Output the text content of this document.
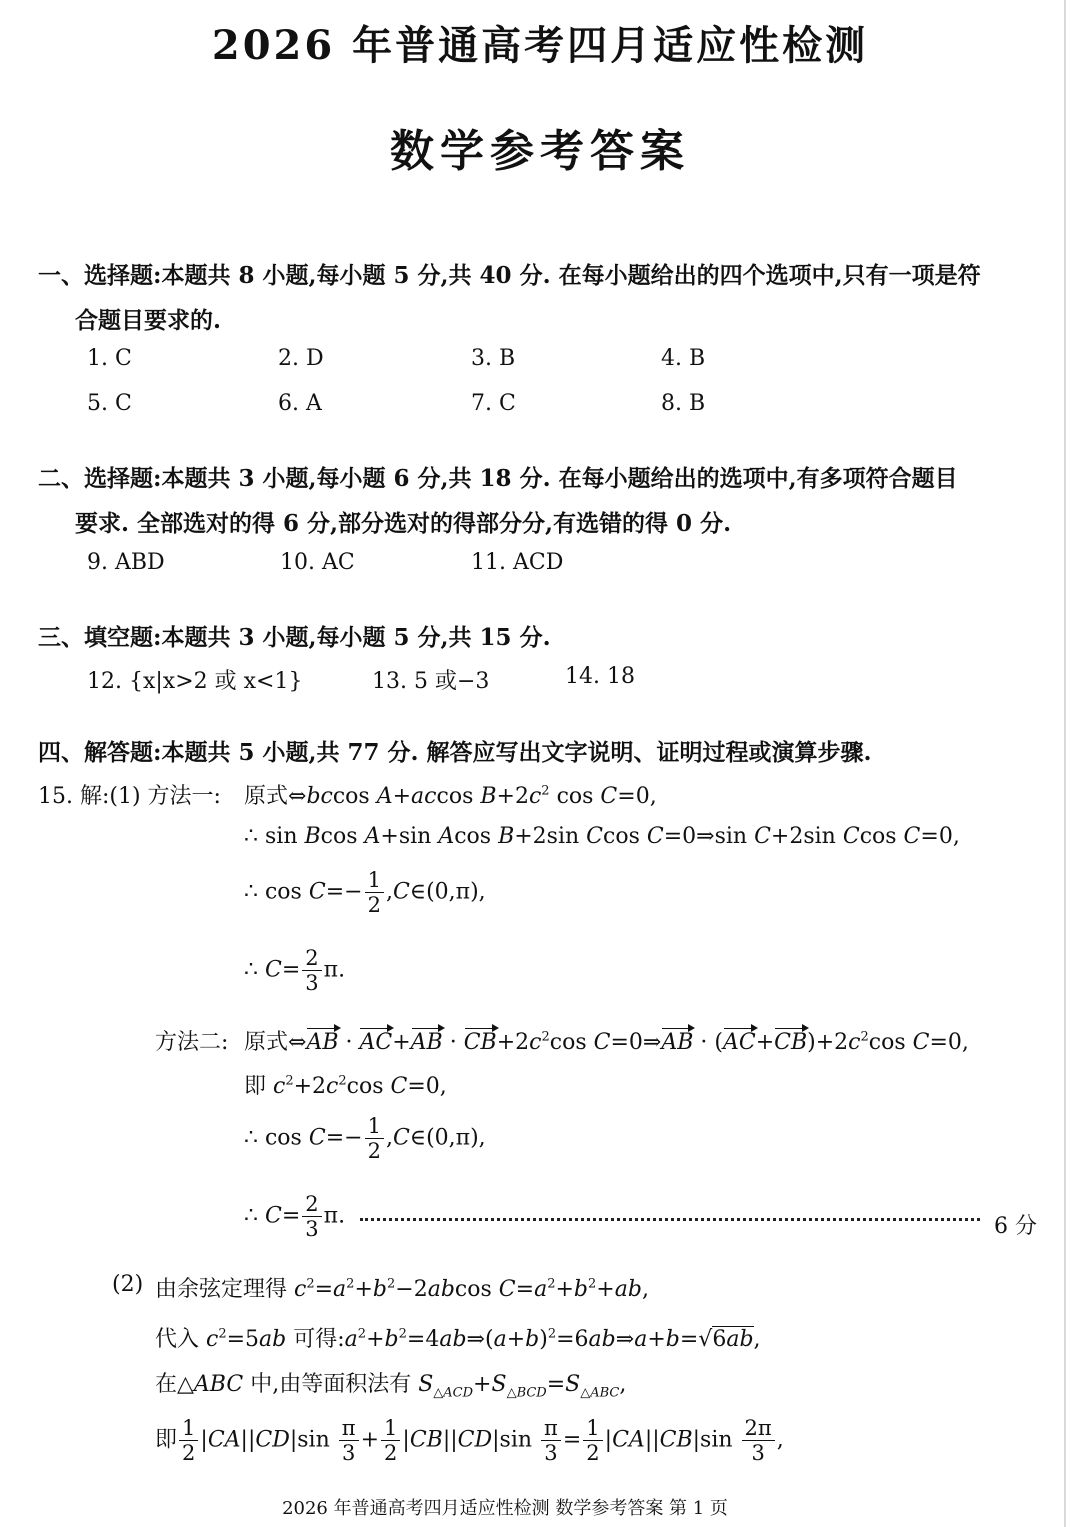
2026 年普通高考四月适应性检测
数学参考答案
一、选择题:本题共 8 小题,每小题 5 分,共 40 分. 在每小题给出的四个选项中,只有一项是符
合题目要求的.
1. C	2. D	3. B	4. B
5. C	6. A	7. C	8. B
二、选择题:本题共 3 小题,每小题 6 分,共 18 分. 在每小题给出的选项中,有多项符合题目
要求. 全部选对的得 6 分,部分选对的得部分分,有选错的得 0 分.
9. ABD	10. AC	11. ACD
三、填空题:本题共 3 小题,每小题 5 分,共 15 分.
12. {x|x>2 或 x<1}	13. 5 或−3	14. 18
四、解答题:本题共 5 小题,共 77 分. 解答应写出文字说明、证明过程或演算步骤.
15. 解:(1) 方法一: 原式⇔bccos A+accos $B+2c^2$ cos C=0,
∴ sin Bcos A+sin Acos B+2sin Ccos C=0⇒sin C+2sin Ccos C=0,
∴ $\cos C=- \frac{1}{2}$ ,C∈(0,π),
∴ $C= \frac{2}{3} \pi$.
方法二: 原式⇔AB · $AC+AB \cdot CB+2c^2\cos$ C=0⇒AB · $(AC+CB)+2c^2\cos$ C=0,
即 $c^2+2c^2\cos$ C=0,
∴ $\cos C=- \frac{1}{2}$ ,C∈(0,π),
∴ $C= \frac{2}{3} \pi$.	6 分
(2) 由余弦定理得 $c^2=a^2+b^2-2abcos$ $C=a^2+b^2+ab$,
代入 $c^2=5ab$ 可得$:a^2+b^2=4ab\Rightarrow(a+b)^2=6ab\Rightarrow a+b=√6ab$,
在△ABC 中,由等面积法有 $S_{\triangle ACD}+S_{\triangle BCD}=S_{\triangle ABC}$,
即 $\frac{1}{2} |CA||CD|\sin \frac{\pi}{3} + \frac{1}{2} |CB||CD|\sin \frac{\pi}{3} = \frac{1}{2} |CA||CB|\sin \frac{2\pi}{3}$ ,
2026 年普通高考四月适应性检测 数学参考答案 第 1 页
